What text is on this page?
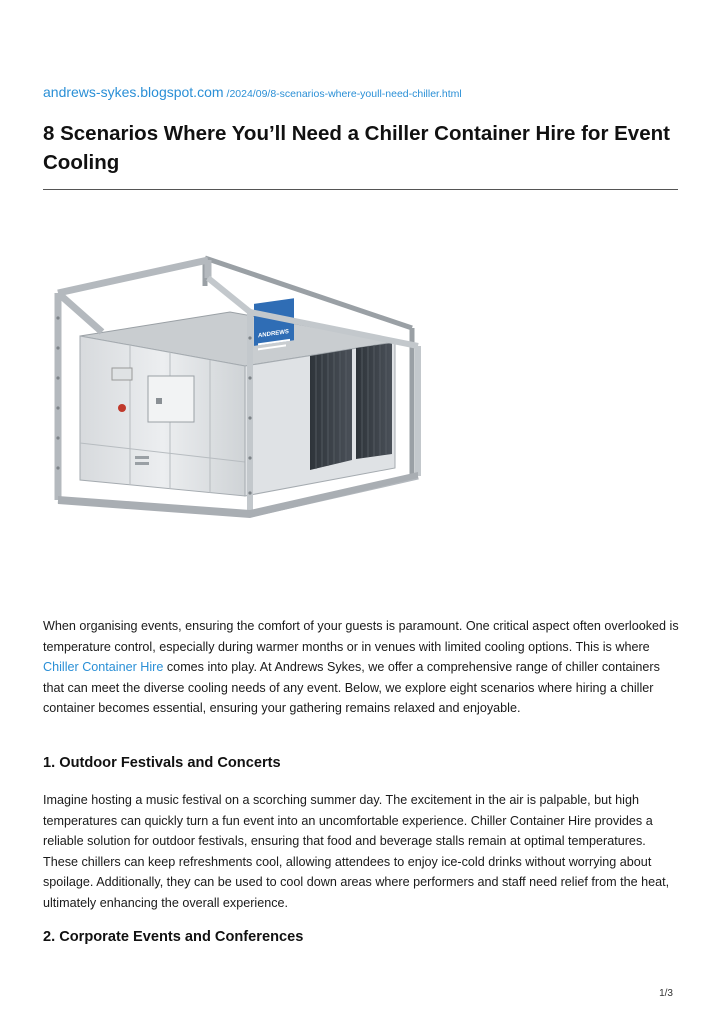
andrews-sykes.blogspot.com /2024/09/8-scenarios-where-youll-need-chiller.html
8 Scenarios Where You’ll Need a Chiller Container Hire for Event Cooling
ANDREWS

When organising events, ensuring the comfort of your guests is paramount. One critical aspect often overlooked is temperature control, especially during warmer months or in venues with limited cooling options. This is where Chiller Container Hire comes into play. At Andrews Sykes, we offer a comprehensive range of chiller containers that can meet the diverse cooling needs of any event. Below, we explore eight scenarios where hiring a chiller container becomes essential, ensuring your gathering remains relaxed and enjoyable.

1. Outdoor Festivals and Concerts

Imagine hosting a music festival on a scorching summer day. The excitement in the air is palpable, but high temperatures can quickly turn a fun event into an uncomfortable experience. Chiller Container Hire provides a reliable solution for outdoor festivals, ensuring that food and beverage stalls remain at optimal temperatures. These chillers can keep refreshments cool, allowing attendees to enjoy ice-cold drinks without worrying about spoilage. Additionally, they can be used to cool down areas where performers and staff need relief from the heat, ultimately enhancing the overall experience.

2. Corporate Events and Conferences
1/3
